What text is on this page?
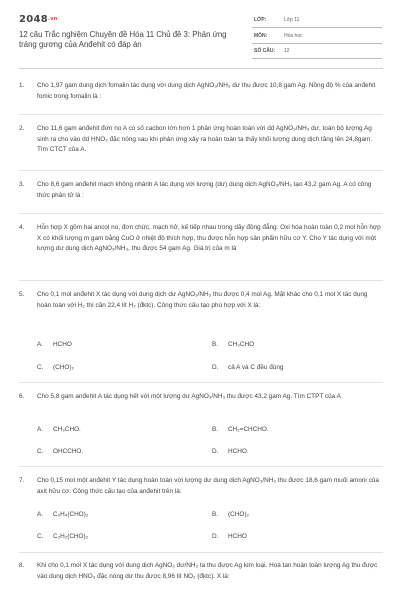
2048.vn
12 câu Trắc nghiệm Chuyên đề Hóa 11 Chủ đề 3: Phản ứng tráng gương của Anđehit có đáp án
LỚP:	Lớp 11
MÔN:	Hóa học
SỐ CÂU: 12
1.	Cho 1,97 gam dung dịch fomalin tác dụng với dung dịch AgNO₃/NH₃ dư thu được 10,8 gam Ag. Nồng độ % của anđehit fomic trong fomalin là :
2.	Cho 11,6 gam anđehit đơn no A có số cacbon lớn hơn 1 phản ứng hoàn toàn với dd AgNO₃/NH₃ dư, toàn bộ lượng Ag sinh ra cho vào dd HNO₃ đặc nóng sau khi phản ứng xảy ra hoàn toàn ta thấy khối lượng dung dịch tăng lên 24,8gam. Tìm CTCT của A.
3.	Cho 8,6 gam anđehit mạch không nhánh A tác dụng với lượng (dư) dung dịch AgNO₃/NH₃ tạo 43,2 gam Ag. A có công thức phân tử là :
4.	Hỗn hợp X gồm hai ancol no, đơn chức, mạch hở, kế tiếp nhau trong dãy đồng đẳng. Oxi hóa hoàn toàn 0,2 mol hỗn hợp X có khối lượng m gam bằng CuO ở nhiệt độ thích hợp, thu được hỗn hợp sản phẩm hữu cơ Y. Cho Y tác dụng với một lượng dư dung dịch AgNO₃/NH₃, thu được 54 gam Ag. Giá trị của m là
5.	Cho 0,1 mol anđehit X tác dụng với dung dịch dư AgNO₃/NH₃ thu được 0,4 mol Ag. Mặt khác cho 0,1 mol X tác dụng hoàn toàn với H₂ thì cần 22,4 lít H₂ (đktc). Công thức cấu tạo phù hợp với X là:
A. HCHO	B. CH₃CHO
C. (CHO)₂	D. cả A và C đều đúng
6.	Cho 5,8 gam anđehit A tác dụng hết với một lượng dư AgNO₃/NH₃ thu được 43,2 gam Ag. Tìm CTPT của A
A. CH₃CHO.	B. CH₂=CHCHO.
C. OHCCHO.	D. HCHO.
7.	Cho 0,15 mol một anđehit Y tác dụng hoàn toàn với lượng dư dung dịch AgNO₃/NH₃ thu được 18,6 gam muối amoni của axit hữu cơ. Công thức cấu tạo của anđehit trên là:
A. C₂H₄(CHO)₂	B. (CHO)₂
C. C₂H₂(CHO)₂	D. HCHO
8.	Khi cho 0,1 mol X tác dụng với dung dịch AgNO₃ dư/NH₃ ta thu được Ag kim loại. Hoà tan hoàn toàn lượng Ag thu được vào dung dịch HNO₃ đặc nóng dư thu được 8,96 lít NO₂ (đktc). X là:
